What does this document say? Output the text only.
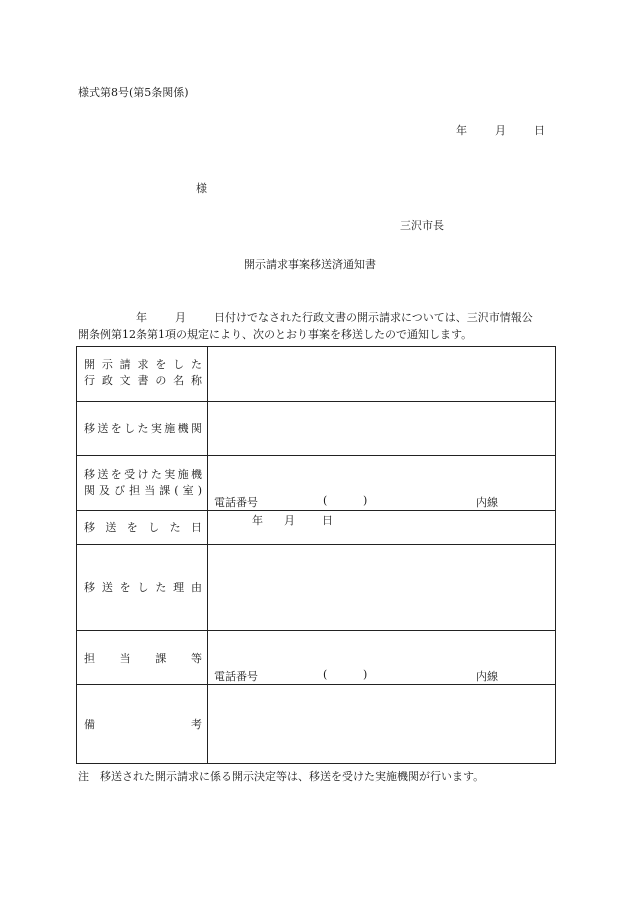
様式第8号(第5条関係)
年	月	日
様
三沢市長
開示請求事案移送済通知書
年	月	日付けでなされた行政文書の開示請求については、三沢市情報公
開条例第12条第1項の規定により、次のとおり事案を移送したので通知します。
開示請求をした
行政文書の名称	

移送をした実施機関	

移送を受けた実施機
関及び担当課(室)	電話番号 ( ) 内線

移送をした日	年 月 日

移送をした理由	

担当課等	電話番号 ( ) 内線

備考	

注　移送された開示請求に係る開示決定等は、移送を受けた実施機関が行います。
